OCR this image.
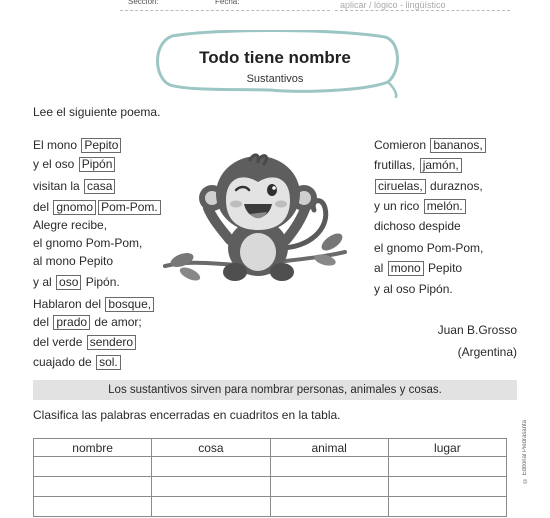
Sección:	Fecha:	aplicar / lógico - lingüístico
Todo tiene nombre
Sustantivos
Lee el siguiente poema.
El mono Pepito
y el oso Pipón
visitan la casa
del gnomo Pom-Pom.
Alegre recibe,
el gnomo Pom-Pom,
al mono Pepito
y al oso Pipón.
Hablaron del bosque,
del prado de amor;
del verde sendero
cuajado de sol.
Comieron bananos,
frutillas, jamón,
ciruelas, duraznos,
y un rico melón.
dichoso despide
el gnomo Pom-Pom,
al mono Pepito
y al oso Pipón.
Juan B.Grosso
(Argentina)
Los sustantivos sirven para nombrar personas, animales y cosas.
Clasifica las palabras encerradas en cuadritos en la tabla.
nombre	cosa	animal	lugar

				© Editorial Piedrasanta
